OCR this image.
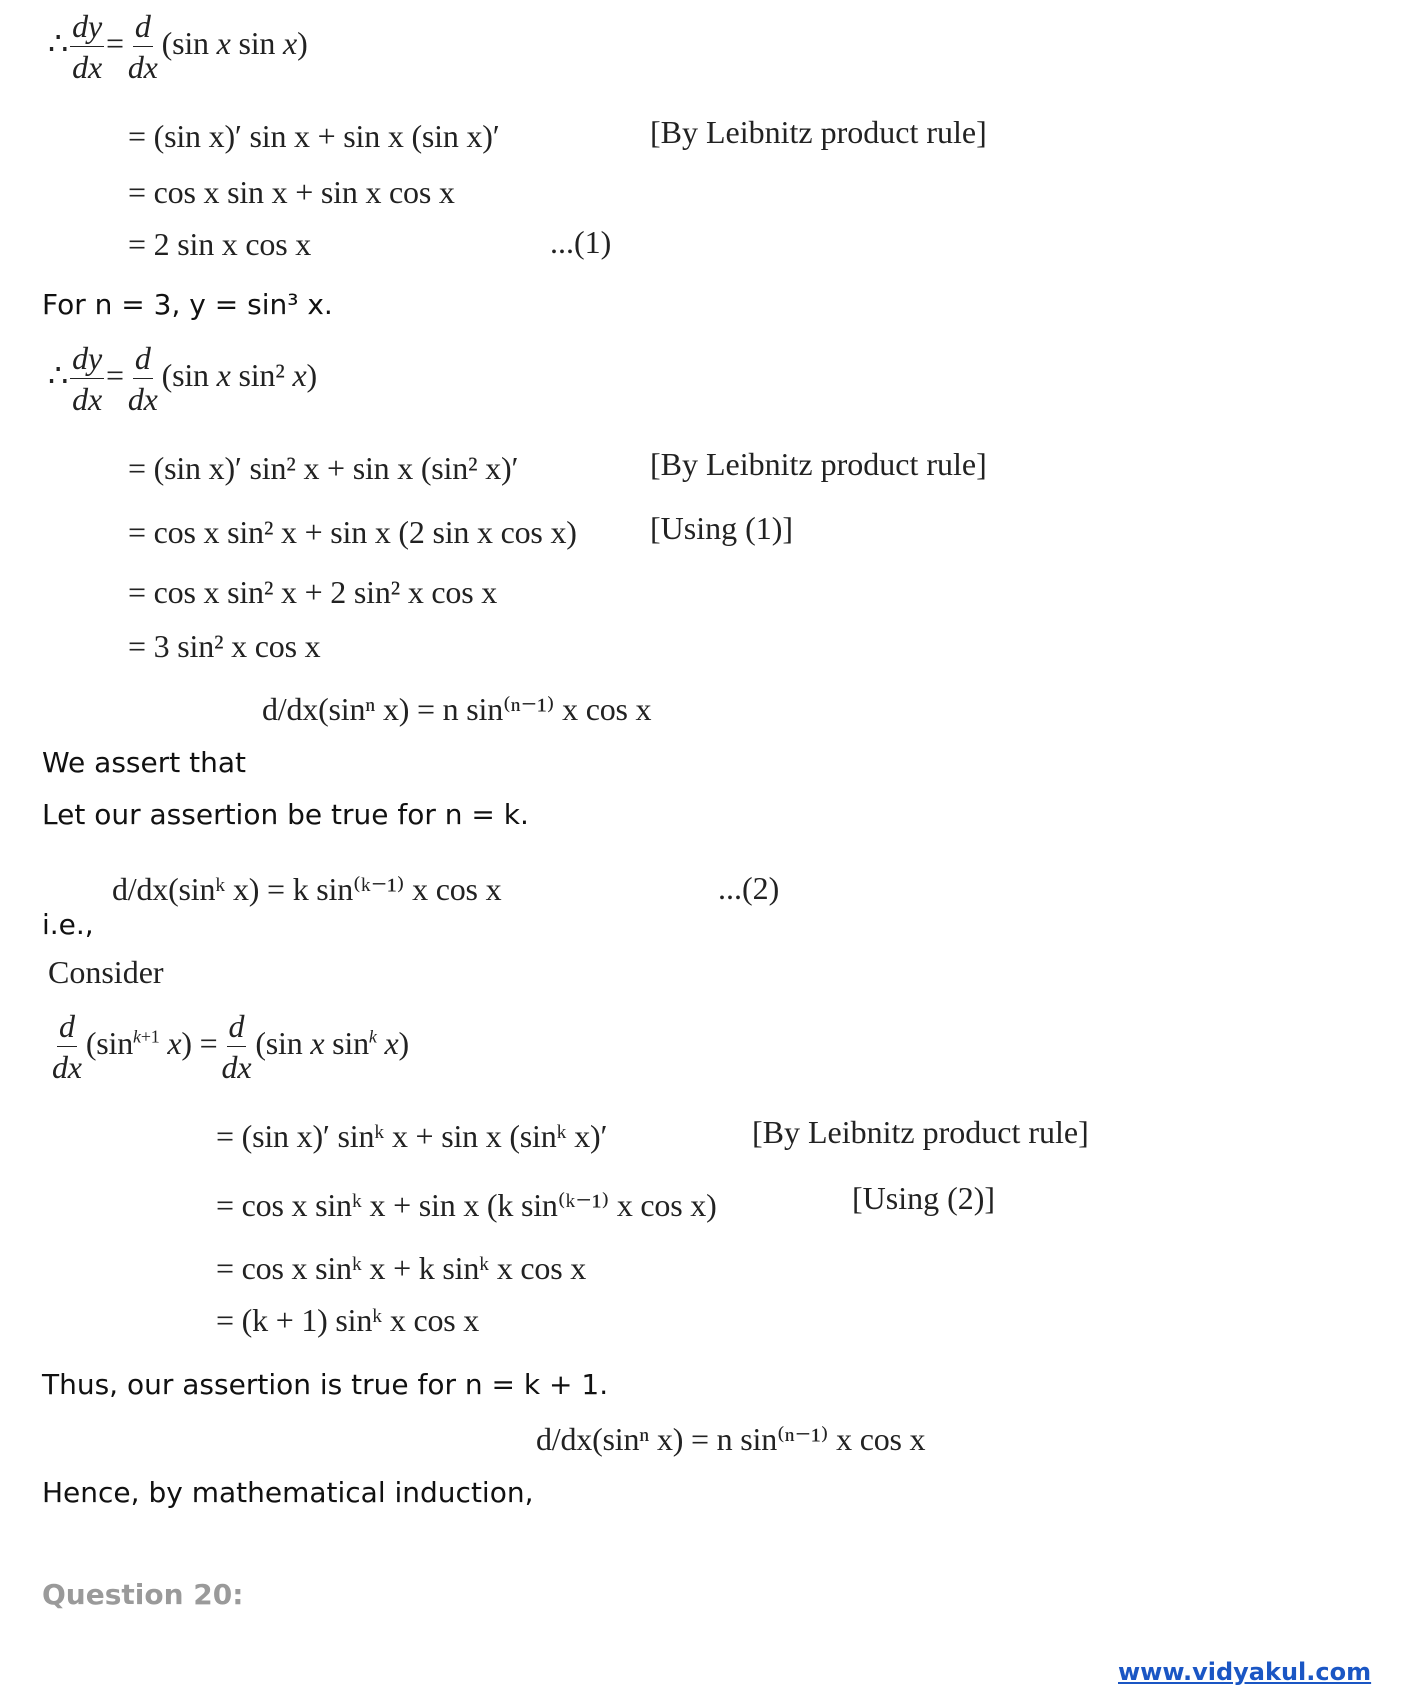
∴ $\frac{dy}{dx} = \frac{d}{dx} (\sin$ x sin x)
= (sin x)′ sin x + sin x (sin x)′	[By Leibnitz product rule]
= cos x sin x + sin x cos x
= 2 sin x cos x	...(1)
For n = 3, y = sin³ x.
∴ $\frac{dy}{dx} = \frac{d}{dx} (\sin$ x sin² x)
= (sin x)′ sin² x + sin x (sin² x)′	[By Leibnitz product rule]
= cos x sin² x + sin x (2 sin x cos x) [Using (1)]
= cos x sin² x + 2 sin² x cos x
= 3 sin² x cos x
We assert that
d/dx(sinⁿ x) = n sin⁽ⁿ⁻¹⁾ x cos x
Let our assertion be true for n = k.
i.e.,
d/dx(sinᵏ x) = k sin⁽ᵏ⁻¹⁾ x cos x	...(2)
Consider
$\frac{d}{dx} (\sin^{k+1}$ $x) = \frac{d}{dx} (\sin$ x $\sin^k x$)
= (sin x)′ sinᵏ x + sin x (sinᵏ x)′	[By Leibnitz product rule]
= cos x sinᵏ x + sin x (k sin⁽ᵏ⁻¹⁾ x cos x)	[Using (2)]
= cos x sinᵏ x + k sinᵏ x cos x
= (k + 1) sinᵏ x cos x
Thus, our assertion is true for n = k + 1.
Hence, by mathematical induction,
d/dx(sinⁿ x) = n sin⁽ⁿ⁻¹⁾ x cos x
Question 20:
www.vidyakul.com
